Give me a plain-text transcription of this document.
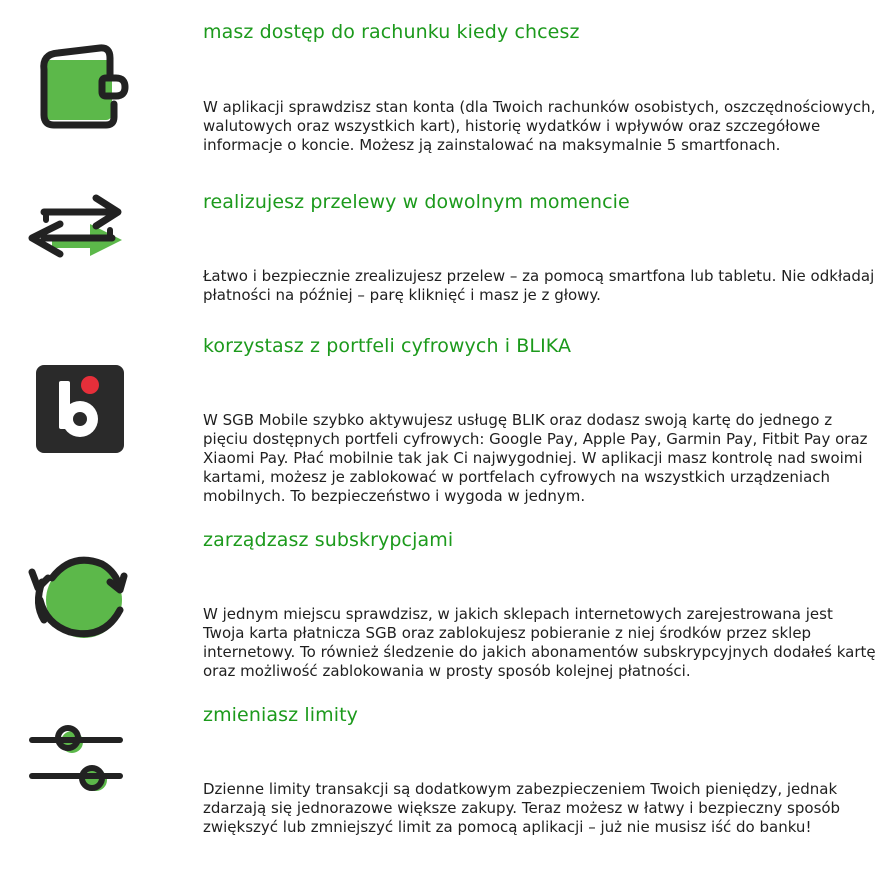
masz dostęp do rachunku kiedy chcesz

W aplikacji sprawdzisz stan konta (dla Twoich rachunków osobistych, oszczędnościowych, walutowych oraz wszystkich kart), historię wydatków i wpływów oraz szczegółowe informacje o koncie. Możesz ją zainstalować na maksymalnie 5 smartfonach.

realizujesz przelewy w dowolnym momencie

Łatwo i bezpiecznie zrealizujesz przelew – za pomocą smartfona lub tabletu. Nie odkładaj płatności na później – parę kliknięć i masz je z głowy.

korzystasz z portfeli cyfrowych i BLIKA

W SGB Mobile szybko aktywujesz usługę BLIK oraz dodasz swoją kartę do jednego z pięciu dostępnych portfeli cyfrowych: Google Pay, Apple Pay, Garmin Pay, Fitbit Pay oraz Xiaomi Pay. Płać mobilnie tak jak Ci najwygodniej. W aplikacji masz kontrolę nad swoimi kartami, możesz je zablokować w portfelach cyfrowych na wszystkich urządzeniach mobilnych. To bezpieczeństwo i wygoda w jednym.

zarządzasz subskrypcjami

W jednym miejscu sprawdzisz, w jakich sklepach internetowych zarejestrowana jest Twoja karta płatnicza SGB oraz zablokujesz pobieranie z niej środków przez sklep internetowy. To również śledzenie do jakich abonamentów subskrypcyjnych dodałeś kartę oraz możliwość zablokowania w prosty sposób kolejnej płatności.

zmieniasz limity

Dzienne limity transakcji są dodatkowym zabezpieczeniem Twoich pieniędzy, jednak zdarzają się jednorazowe większe zakupy. Teraz możesz w łatwy i bezpieczny sposób zwiększyć lub zmniejszyć limit za pomocą aplikacji – już nie musisz iść do banku!
